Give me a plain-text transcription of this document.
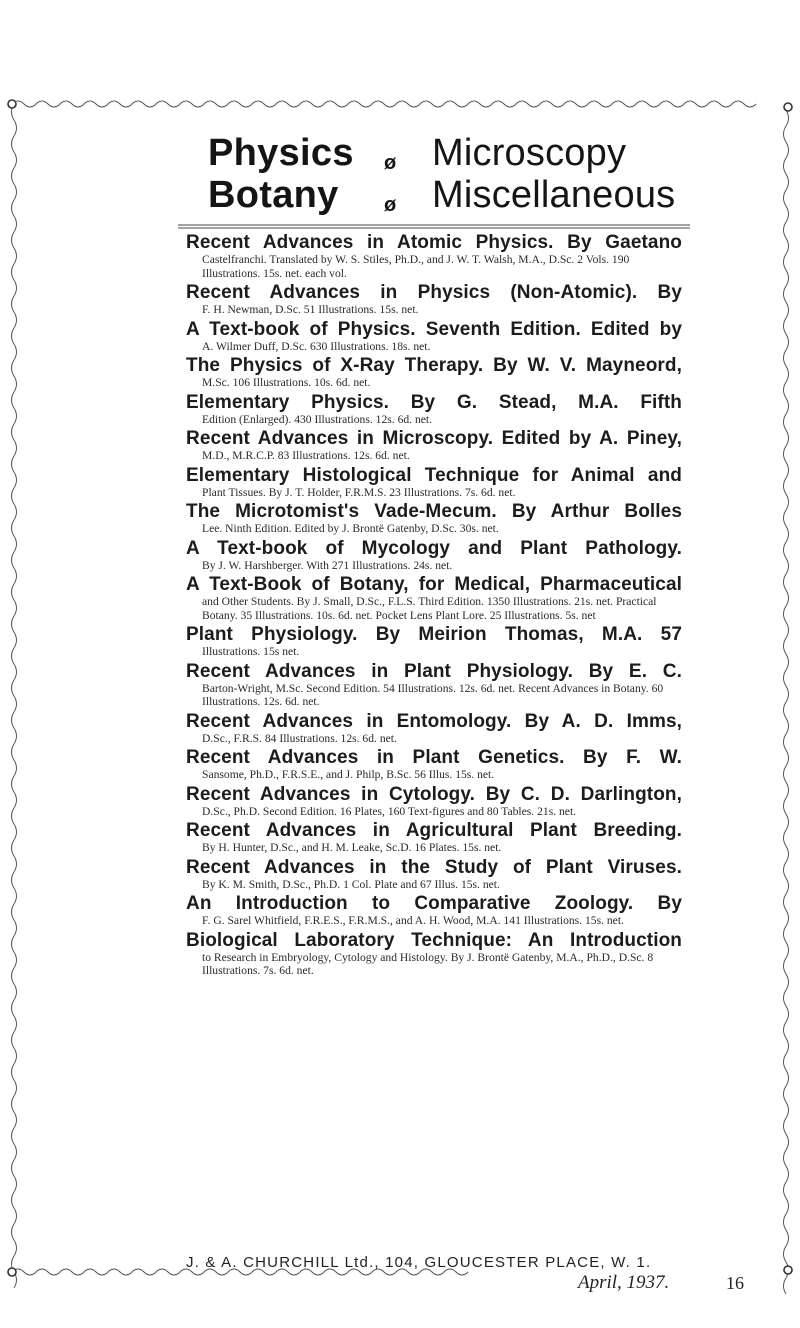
Physics ø Microscopy
Botany ø Miscellaneous
Recent Advances in Atomic Physics. By Gaetano
Castelfranchi. Translated by W. S. Stiles, Ph.D., and J. W. T. Walsh, M.A., D.Sc. 2 Vols. 190 Illustrations. 15s. net. each vol.
Recent Advances in Physics (Non-Atomic). By
F. H. Newman, D.Sc. 51 Illustrations. 15s. net.
A Text-book of Physics. Seventh Edition. Edited by
A. Wilmer Duff, D.Sc. 630 Illustrations. 18s. net.
The Physics of X-Ray Therapy. By W. V. Mayneord,
M.Sc. 106 Illustrations. 10s. 6d. net.
Elementary Physics. By G. Stead, M.A. Fifth
Edition (Enlarged). 430 Illustrations. 12s. 6d. net.
Recent Advances in Microscopy. Edited by A. Piney,
M.D., M.R.C.P. 83 Illustrations. 12s. 6d. net.
Elementary Histological Technique for Animal and
Plant Tissues. By J. T. Holder, F.R.M.S. 23 Illustrations. 7s. 6d. net.
The Microtomist's Vade-Mecum. By Arthur Bolles
Lee. Ninth Edition. Edited by J. Brontë Gatenby, D.Sc. 30s. net.
A Text-book of Mycology and Plant Pathology.
By J. W. Harshberger. With 271 Illustrations. 24s. net.
A Text-Book of Botany, for Medical, Pharmaceutical
and Other Students. By J. Small, D.Sc., F.L.S. Third Edition. 1350 Illustrations. 21s. net. Practical Botany. 35 Illustrations. 10s. 6d. net. Pocket Lens Plant Lore. 25 Illustrations. 5s. net
Plant Physiology. By Meirion Thomas, M.A. 57
Illustrations. 15s net.
Recent Advances in Plant Physiology. By E. C.
Barton-Wright, M.Sc. Second Edition. 54 Illustrations. 12s. 6d. net. Recent Advances in Botany. 60 Illustrations. 12s. 6d. net.
Recent Advances in Entomology. By A. D. Imms,
D.Sc., F.R.S. 84 Illustrations. 12s. 6d. net.
Recent Advances in Plant Genetics. By F. W.
Sansome, Ph.D., F.R.S.E., and J. Philp, B.Sc. 56 Illus. 15s. net.
Recent Advances in Cytology. By C. D. Darlington,
D.Sc., Ph.D. Second Edition. 16 Plates, 160 Text-figures and 80 Tables. 21s. net.
Recent Advances in Agricultural Plant Breeding.
By H. Hunter, D.Sc., and H. M. Leake, Sc.D. 16 Plates. 15s. net.
Recent Advances in the Study of Plant Viruses.
By K. M. Smith, D.Sc., Ph.D. 1 Col. Plate and 67 Illus. 15s. net.
An Introduction to Comparative Zoology. By
F. G. Sarel Whitfield, F.R.E.S., F.R.M.S., and A. H. Wood, M.A. 141 Illustrations. 15s. net.
Biological Laboratory Technique: An Introduction
to Research in Embryology, Cytology and Histology. By J. Brontë Gatenby, M.A., Ph.D., D.Sc. 8 Illustrations. 7s. 6d. net.
J. & A. CHURCHILL Ltd., 104, GLOUCESTER PLACE, W. 1.
April, 1937.	16
